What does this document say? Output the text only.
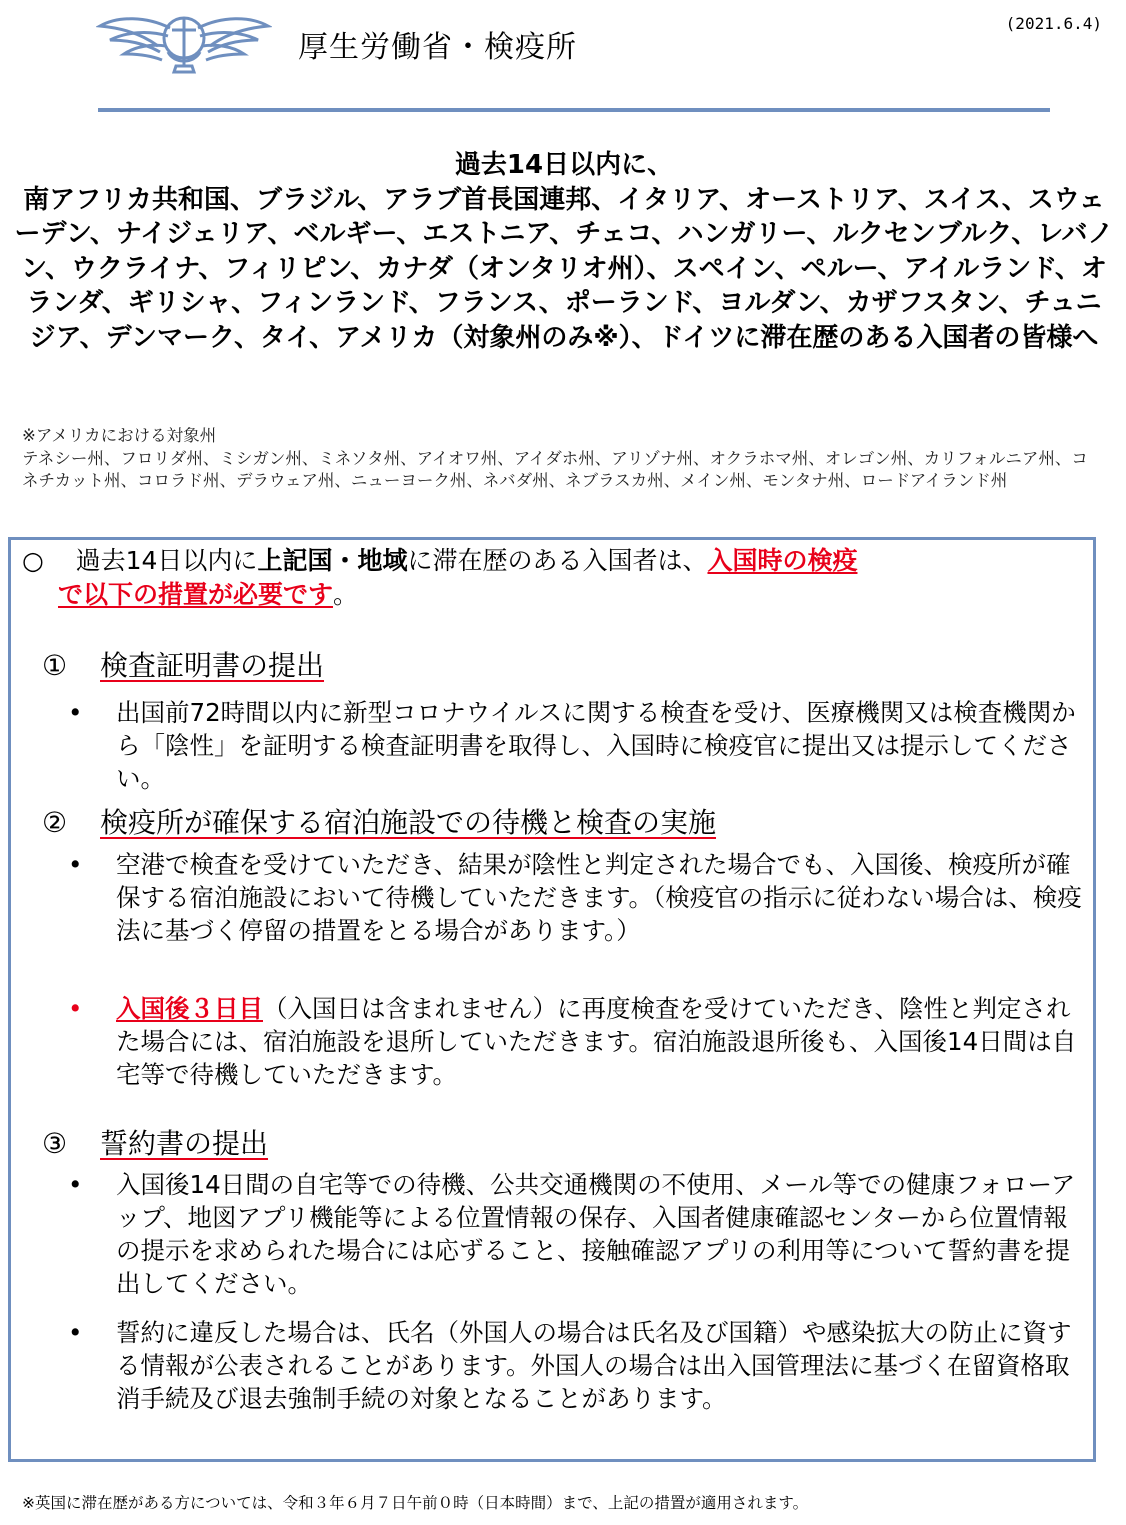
厚生労働省・検疫所
(2021.6.4)
過去14日以内に、
南アフリカ共和国、ブラジル、アラブ首長国連邦、イタリア、オーストリア、スイス、スウェーデン、ナイジェリア、ベルギー、エストニア、チェコ、ハンガリー、ルクセンブルク、レバノン、ウクライナ、フィリピン、カナダ（オンタリオ州）、スペイン、ペルー、アイルランド、オランダ、ギリシャ、フィンランド、フランス、ポーランド、ヨルダン、カザフスタン、チュニジア、デンマーク、タイ、アメリカ（対象州のみ※）、ドイツに滞在歴のある入国者の皆様へ
※アメリカにおける対象州
テネシー州、フロリダ州、ミシガン州、ミネソタ州、アイオワ州、アイダホ州、アリゾナ州、オクラホマ州、オレゴン州、カリフォルニア州、コネチカット州、コロラド州、デラウェア州、ニューヨーク州、ネバダ州、ネブラスカ州、メイン州、モンタナ州、ロードアイランド州
○ 過去14日以内に上記国・地域に滞在歴のある入国者は、入国時の検疫
で以下の措置が必要です。
① 検査証明書の提出
• 出国前72時間以内に新型コロナウイルスに関する検査を受け、医療機関又は検査機関から「陰性」を証明する検査証明書を取得し、入国時に検疫官に提出又は提示してください。
② 検疫所が確保する宿泊施設での待機と検査の実施
• 空港で検査を受けていただき、結果が陰性と判定された場合でも、入国後、検疫所が確保する宿泊施設において待機していただきます。（検疫官の指示に従わない場合は、検疫法に基づく停留の措置をとる場合があります。）
• 入国後３日目（入国日は含まれません）に再度検査を受けていただき、陰性と判定された場合には、宿泊施設を退所していただきます。宿泊施設退所後も、入国後14日間は自宅等で待機していただきます。
③ 誓約書の提出
• 入国後14日間の自宅等での待機、公共交通機関の不使用、メール等での健康フォローアップ、地図アプリ機能等による位置情報の保存、入国者健康確認センターから位置情報の提示を求められた場合には応ずること、接触確認アプリの利用等について誓約書を提出してください。
• 誓約に違反した場合は、氏名（外国人の場合は氏名及び国籍）や感染拡大の防止に資する情報が公表されることがあります。外国人の場合は出入国管理法に基づく在留資格取消手続及び退去強制手続の対象となることがあります。
※英国に滞在歴がある方については、令和３年６月７日午前０時（日本時間）まで、上記の措置が適用されます。
